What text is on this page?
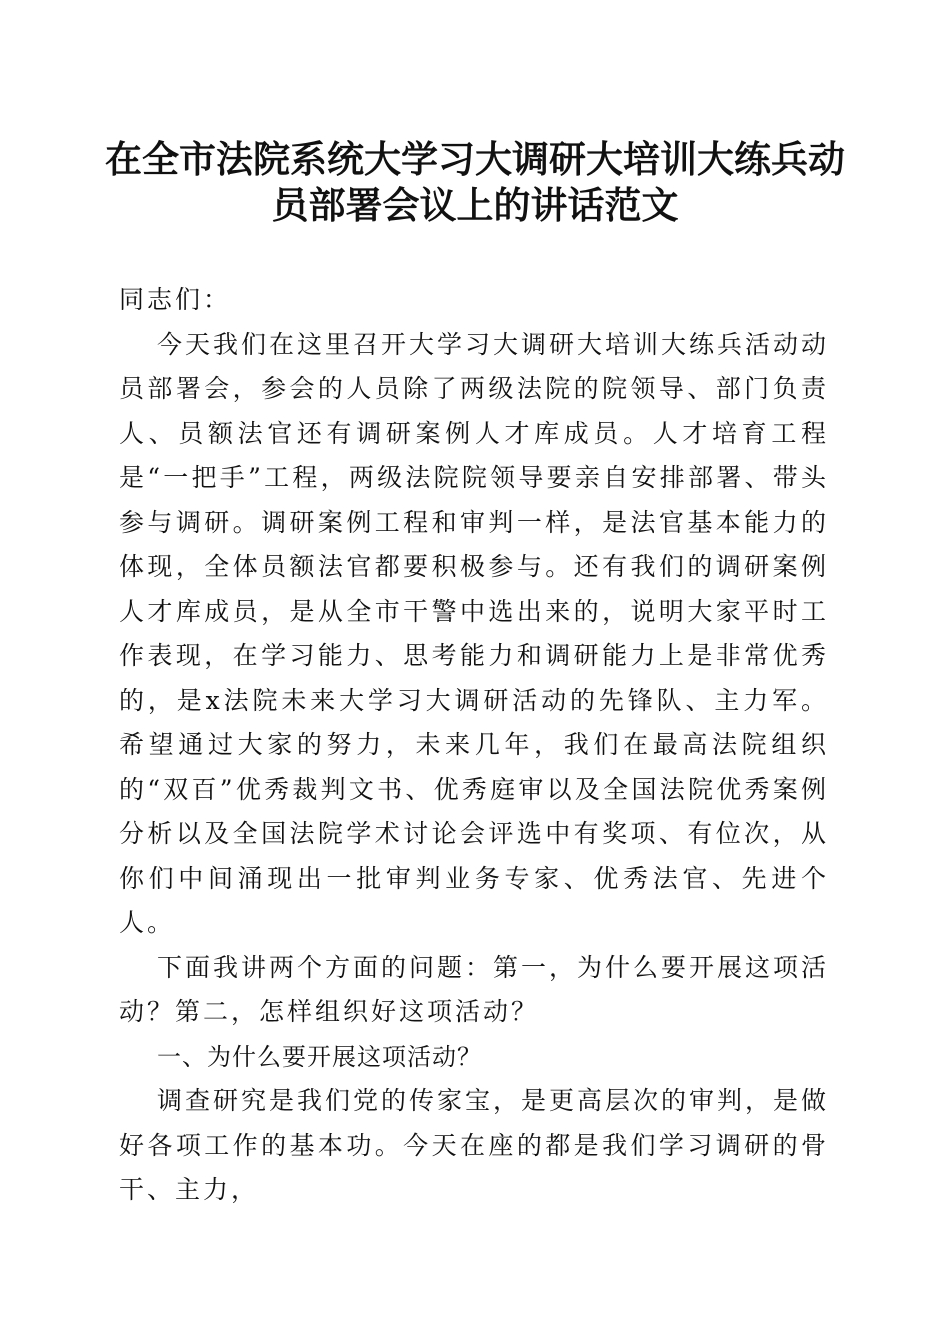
在全市法院系统大学习大调研大培训大练兵动员部署会议上的讲话范文

同志们：

今天我们在这里召开大学习大调研大培训大练兵活动动员部署会，参会的人员除了两级法院的院领导、部门负责人、员额法官还有调研案例人才库成员。人才培育工程是“一把手”工程，两级法院院领导要亲自安排部署、带头参与调研。调研案例工程和审判一样，是法官基本能力的体现，全体员额法官都要积极参与。还有我们的调研案例人才库成员，是从全市干警中选出来的，说明大家平时工作表现，在学习能力、思考能力和调研能力上是非常优秀的，是x法院未来大学习大调研活动的先锋队、主力军。希望通过大家的努力，未来几年，我们在最高法院组织的“双百”优秀裁判文书、优秀庭审以及全国法院优秀案例分析以及全国法院学术讨论会评选中有奖项、有位次，从你们中间涌现出一批审判业务专家、优秀法官、先进个人。

下面我讲两个方面的问题：第一，为什么要开展这项活动？第二，怎样组织好这项活动？

一、为什么要开展这项活动？

调查研究是我们党的传家宝，是更高层次的审判，是做好各项工作的基本功。今天在座的都是我们学习调研的骨干、主力，
